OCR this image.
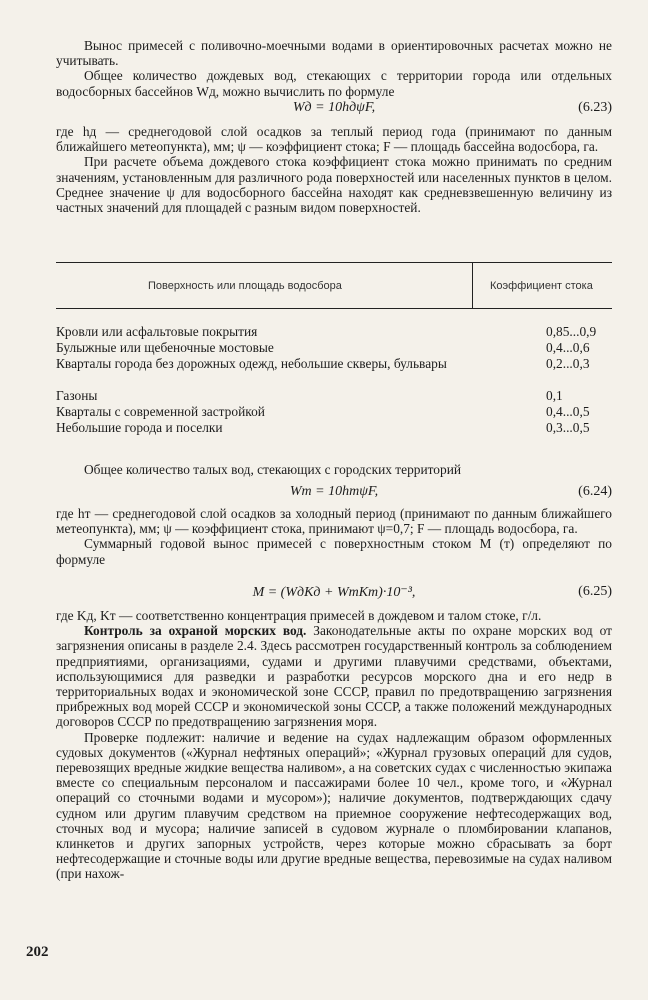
Вынос примесей с поливочно-моечными водами в ориентировочных расчетах можно не учитывать.

Общее количество дождевых вод, стекающих с территории города или отдельных водосборных бассейнов Wд, можно вычислить по формуле

Wд = 10hдψF,	(6.23)

где hд — среднегодовой слой осадков за теплый период года (принимают по данным ближайшего метеопункта), мм; ψ — коэффициент стока; F — площадь бассейна водосбора, га.

При расчете объема дождевого стока коэффициент стока можно принимать по средним значениям, установленным для различного рода поверхностей или населенных пунктов в целом. Среднее значение ψ для водосборного бассейна находят как средневзвешенную величину из частных значений для площадей с разным видом поверхностей.

Поверхность или площадь водосбора	Коэффициент стока
Кровли или асфальтовые покрытия	0,85...0,9
Булыжные или щебеночные мостовые	0,4...0,6
Кварталы города без дорожных одежд, небольшие скверы, бульвары	0,2...0,3
Газоны	0,1
Кварталы с современной застройкой	0,4...0,5
Небольшие города и поселки	0,3...0,5

Общее количество талых вод, стекающих с городских территорий

Wт = 10hтψF,	(6.24)

где hт — среднегодовой слой осадков за холодный период (принимают по данным ближайшего метеопункта), мм; ψ — коэффициент стока, принимают ψ=0,7; F — площадь водосбора, га.

Суммарный годовой вынос примесей с поверхностным стоком M (т) определяют по формуле

M = (WдKд + WтKт)·10⁻³,	(6.25)

где Kд, Kт — соответственно концентрация примесей в дождевом и талом стоке, г/л.

Контроль за охраной морских вод. Законодательные акты по охране морских вод от загрязнения описаны в разделе 2.4. Здесь рассмотрен государственный контроль за соблюдением предприятиями, организациями, судами и другими плавучими средствами, объектами, использующимися для разведки и разработки ресурсов морского дна и его недр в территориальных водах и экономической зоне СССР, правил по предотвращению загрязнения прибрежных вод морей СССР и экономической зоны СССР, а также положений международных договоров СССР по предотвращению загрязнения моря.

Проверке подлежит: наличие и ведение на судах надлежащим образом оформленных судовых документов («Журнал нефтяных операций»; «Журнал грузовых операций для судов, перевозящих вредные жидкие вещества наливом», а на советских судах с численностью экипажа вместе со специальным персоналом и пассажирами более 10 чел., кроме того, и «Журнал операций со сточными водами и мусором»); наличие документов, подтверждающих сдачу судном или другим плавучим средством на приемное сооружение нефтесодержащих вод, сточных вод и мусора; наличие записей в судовом журнале о пломбировании клапанов, клинкетов и других запорных устройств, через которые можно сбрасывать за борт нефтесодержащие и сточные воды или другие вредные вещества, перевозимые на судах наливом (при нахож-

202
